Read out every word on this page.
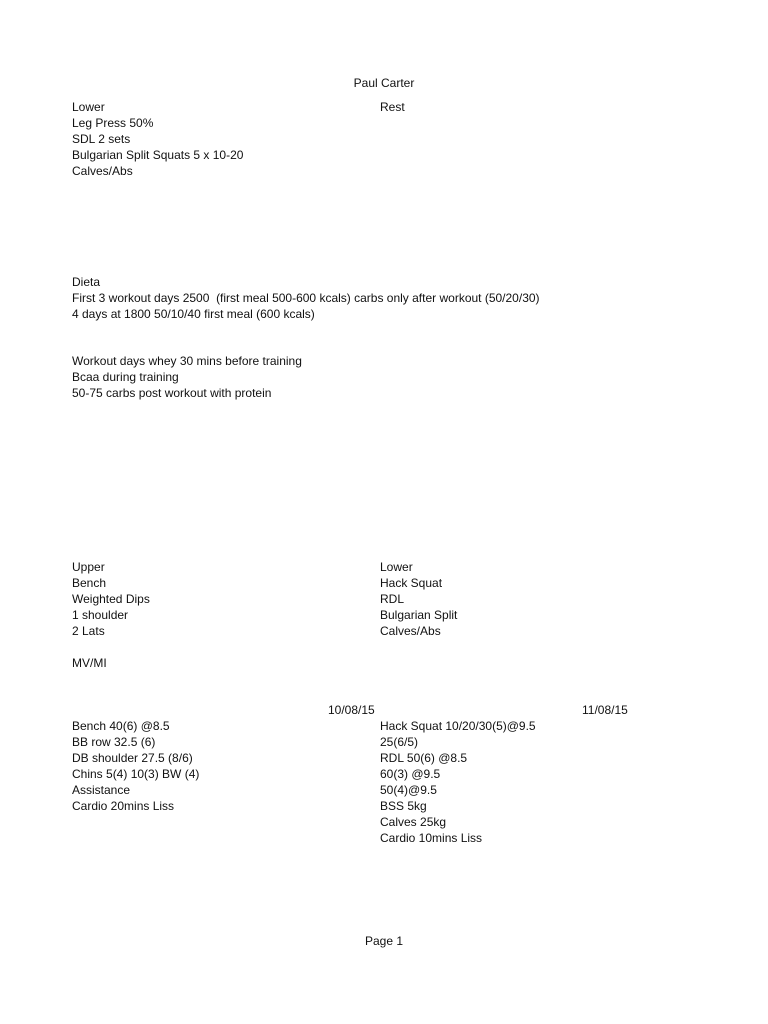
Paul Carter
Lower
Leg Press 50%
SDL 2 sets
Bulgarian Split Squats 5 x 10-20
Calves/Abs
Rest
Dieta
First 3 workout days 2500  (first meal 500-600 kcals) carbs only after workout (50/20/30)
4 days at 1800 50/10/40 first meal (600 kcals)
Workout days whey 30 mins before training
Bcaa during training
50-75 carbs post workout with protein
Upper
Bench
Weighted Dips
1 shoulder
2 Lats
Lower
Hack Squat
RDL
Bulgarian Split
Calves/Abs
MV/MI
10/08/15	11/08/15
Bench 40(6) @8.5
BB row 32.5 (6)
DB shoulder 27.5 (8/6)
Chins 5(4) 10(3) BW (4)
Assistance
Cardio 20mins Liss
Hack Squat 10/20/30(5)@9.5
25(6/5)
RDL 50(6) @8.5
60(3) @9.5
50(4)@9.5
BSS 5kg
Calves 25kg
Cardio 10mins Liss
Page 1
